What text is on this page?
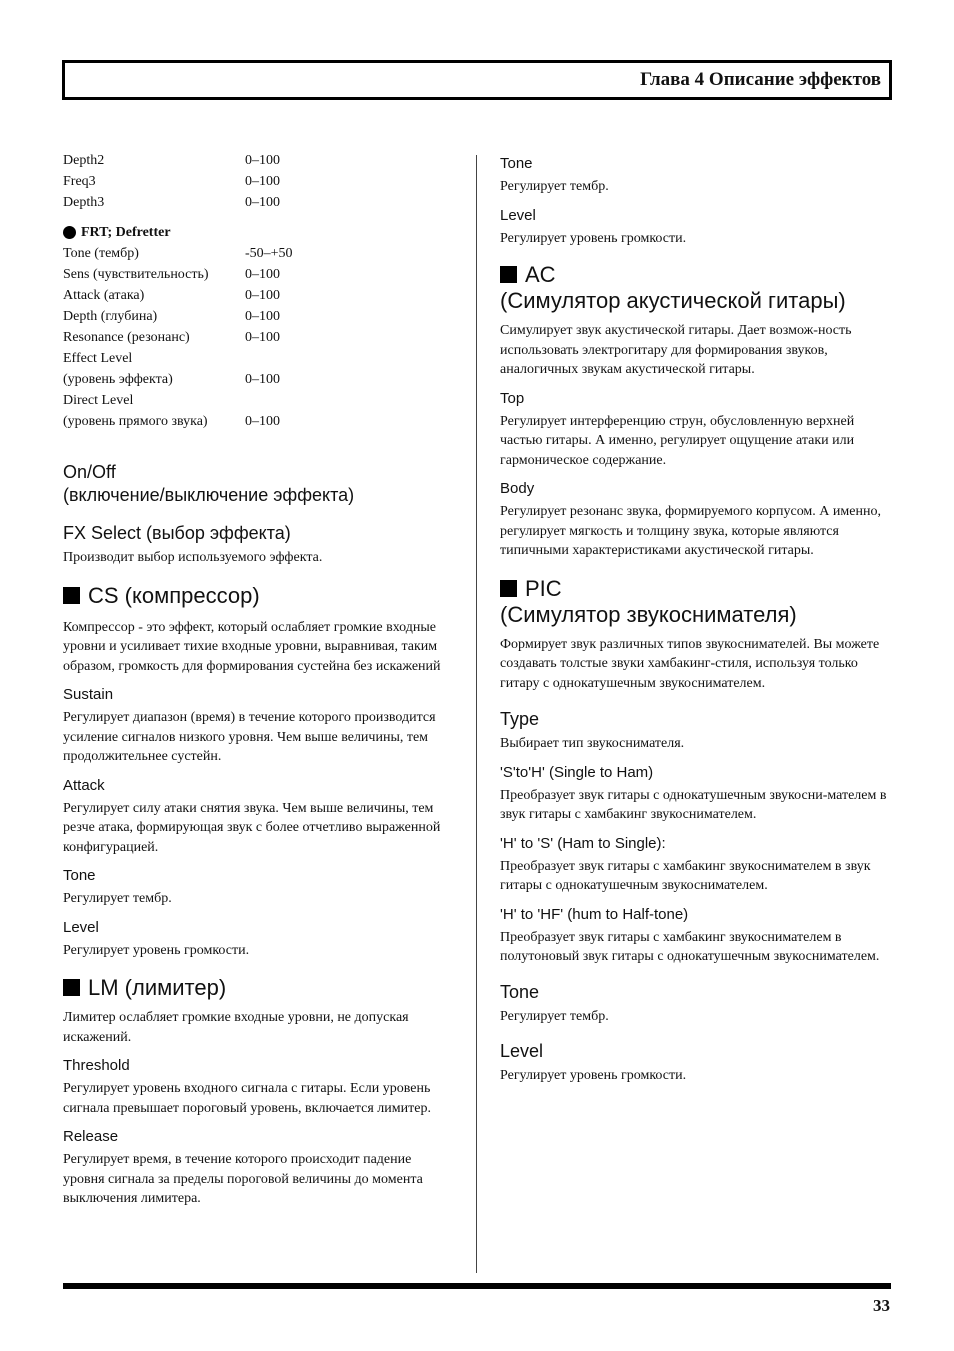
Глава 4 Описание эффектов
Depth2	0–100
Freq3	0–100
Depth3	0–100
FRT; Defretter
Tone (тембр)	-50–+50
Sens (чувствительность)	0–100
Attack (атака)	0–100
Depth (глубина)	0–100
Resonance (резонанс)	0–100
Effect Level
(уровень эффекта)	0–100
Direct Level
(уровень прямого звука)	0–100
On/Off
(включение/выключение эффекта)
FX Select (выбор эффекта)

Производит выбор используемого эффекта.

CS (компрессор)

Компрессор - это эффект, который ослабляет громкие входные уровни и усиливает тихие входные уровни, выравнивая, таким образом, громкость для формирования сустейна без искажений

Sustain

Регулирует диапазон (время) в течение которого производится усиление сигналов низкого уровня. Чем выше величины, тем продолжительнее сустейн.

Attack

Регулирует силу атаки снятия звука. Чем выше величины, тем резче атака, формирующая звук с более отчетливо выраженной конфигурацией.

Tone

Регулирует тембр.

Level

Регулирует уровень громкости.

LM (лимитер)

Лимитер ослабляет громкие входные уровни, не допуская искажений.

Threshold

Регулирует уровень входного сигнала с гитары. Если уровень сигнала превышает пороговый уровень, включается лимитер.

Release

Регулирует время, в течение которого происходит падение уровня сигнала за пределы пороговой величины до момента выключения лимитера.

Tone

Регулирует тембр.

Level

Регулирует уровень громкости.

AC
(Симулятор акустической гитары)

Симулирует звук акустической гитары. Дает возмож-ность использовать электрогитару для формирования звуков, аналогичных звукам акустической гитары.

Top

Регулирует интерференцию струн, обусловленную верхней частью гитары. А именно, регулирует ощущение атаки или гармоническое содержание.

Body

Регулирует резонанс звука, формируемого корпусом. А именно, регулирует мягкость и толщину звука, которые являются типичными характеристиками акустической гитары.

PIC
(Симулятор звукоснимателя)

Формирует звук различных типов звукоснимателей. Вы можете создавать толстые звуки хамбакинг-стиля, используя только гитару с однокатушечным звукоснимателем.

Type

Выбирает тип звукоснимателя.

'S'to'H' (Single to Ham)

Преобразует звук гитары с однокатушечным звукосни-мателем в звук гитары с хамбакинг звукоснимателем.

'H' to 'S' (Ham to Single):

Преобразует звук гитары с хамбакинг звукоснимателем в звук гитары с однокатушечным звукоснимателем.

'H' to 'HF' (hum to Half-tone)

Преобразует звук гитары с хамбакинг звукоснимателем в полутоновый звук гитары с однокатушечным звукоснимателем.

Tone

Регулирует тембр.

Level

Регулирует уровень громкости.

33
